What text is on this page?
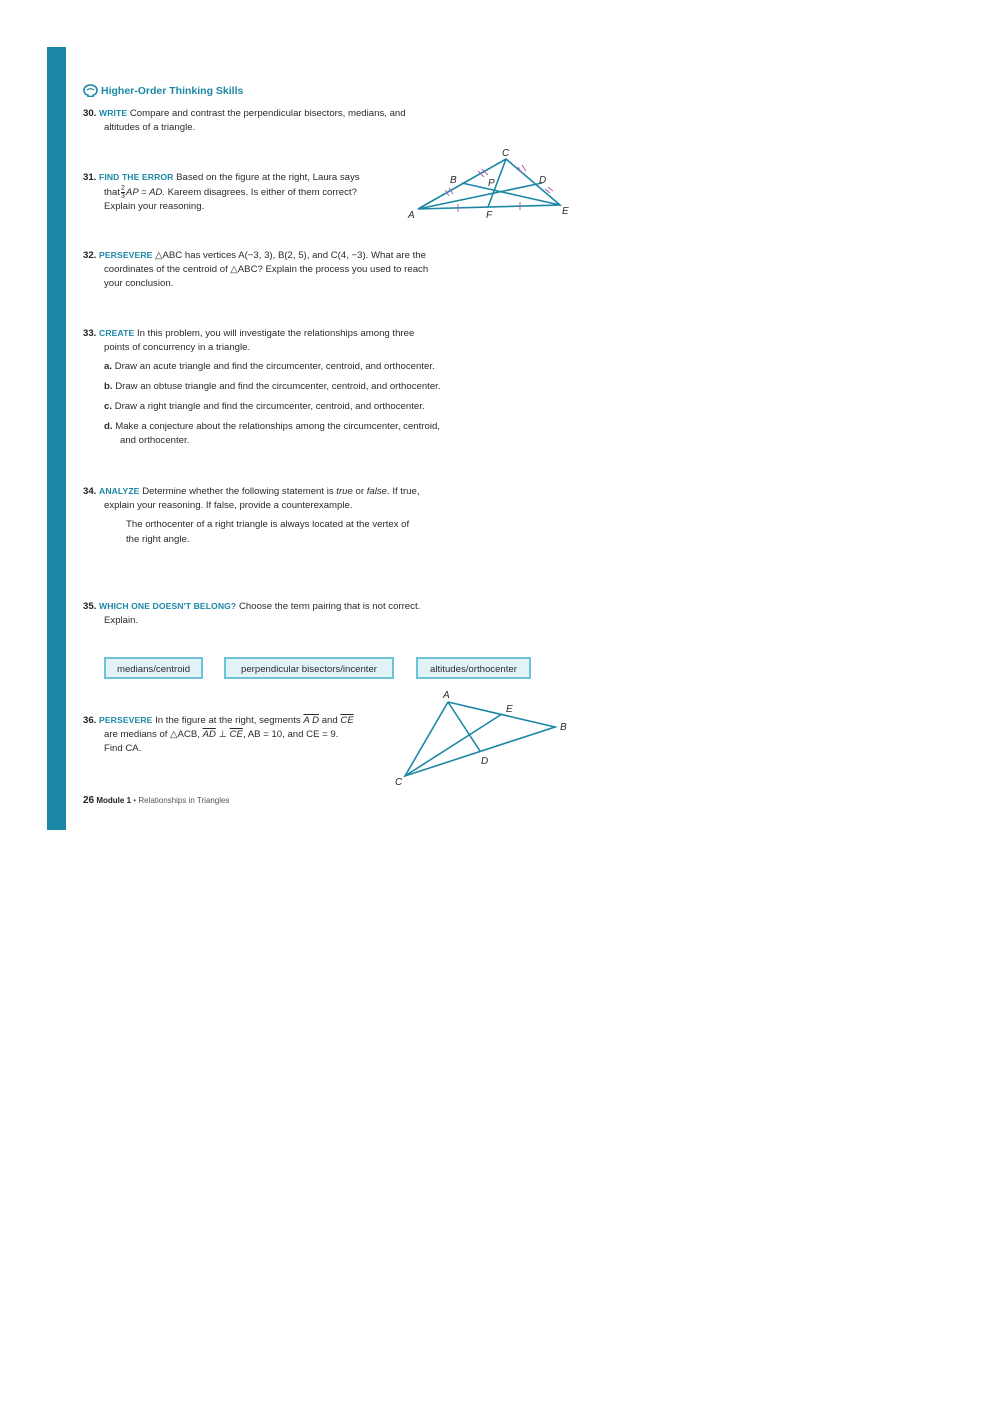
Higher-Order Thinking Skills
30. WRITE Compare and contrast the perpendicular bisectors, medians, and
altitudes of a triangle.
31. FIND THE ERROR Based on the figure at the right, Laura says
that $\frac{2}{3}$ AP = AD. Kareem disagrees. Is either of them correct?
Explain your reasoning.
C
B	P	D
A	F	E
32. PERSEVERE △ABC has vertices A(−3, 3), B(2, 5), and C(4, −3). What are the
coordinates of the centroid of △ABC? Explain the process you used to reach
your conclusion.
33. CREATE In this problem, you will investigate the relationships among three
points of concurrency in a triangle.
a. Draw an acute triangle and find the circumcenter, centroid, and orthocenter.
b. Draw an obtuse triangle and find the circumcenter, centroid, and orthocenter.
c. Draw a right triangle and find the circumcenter, centroid, and orthocenter.
d. Make a conjecture about the relationships among the circumcenter, centroid,
and orthocenter.
34. ANALYZE Determine whether the following statement is true or false. If true,
explain your reasoning. If false, provide a counterexample.
The orthocenter of a right triangle is always located at the vertex of
the right angle.
35. WHICH ONE DOESN'T BELONG? Choose the term pairing that is not correct.
Explain.
medians/centroid	perpendicular bisectors/incenter	altitudes/orthocenter
36. PERSEVERE In the figure at the right, segments A D and $\overline{CE}$
are medians of △ACB, $\overline{AD}$ ⊥ $\overline{CE}$, AB = 10, and CE = 9.
Find CA.
A
E
B
D
C
26 Module 1 • Relationships in Triangles
